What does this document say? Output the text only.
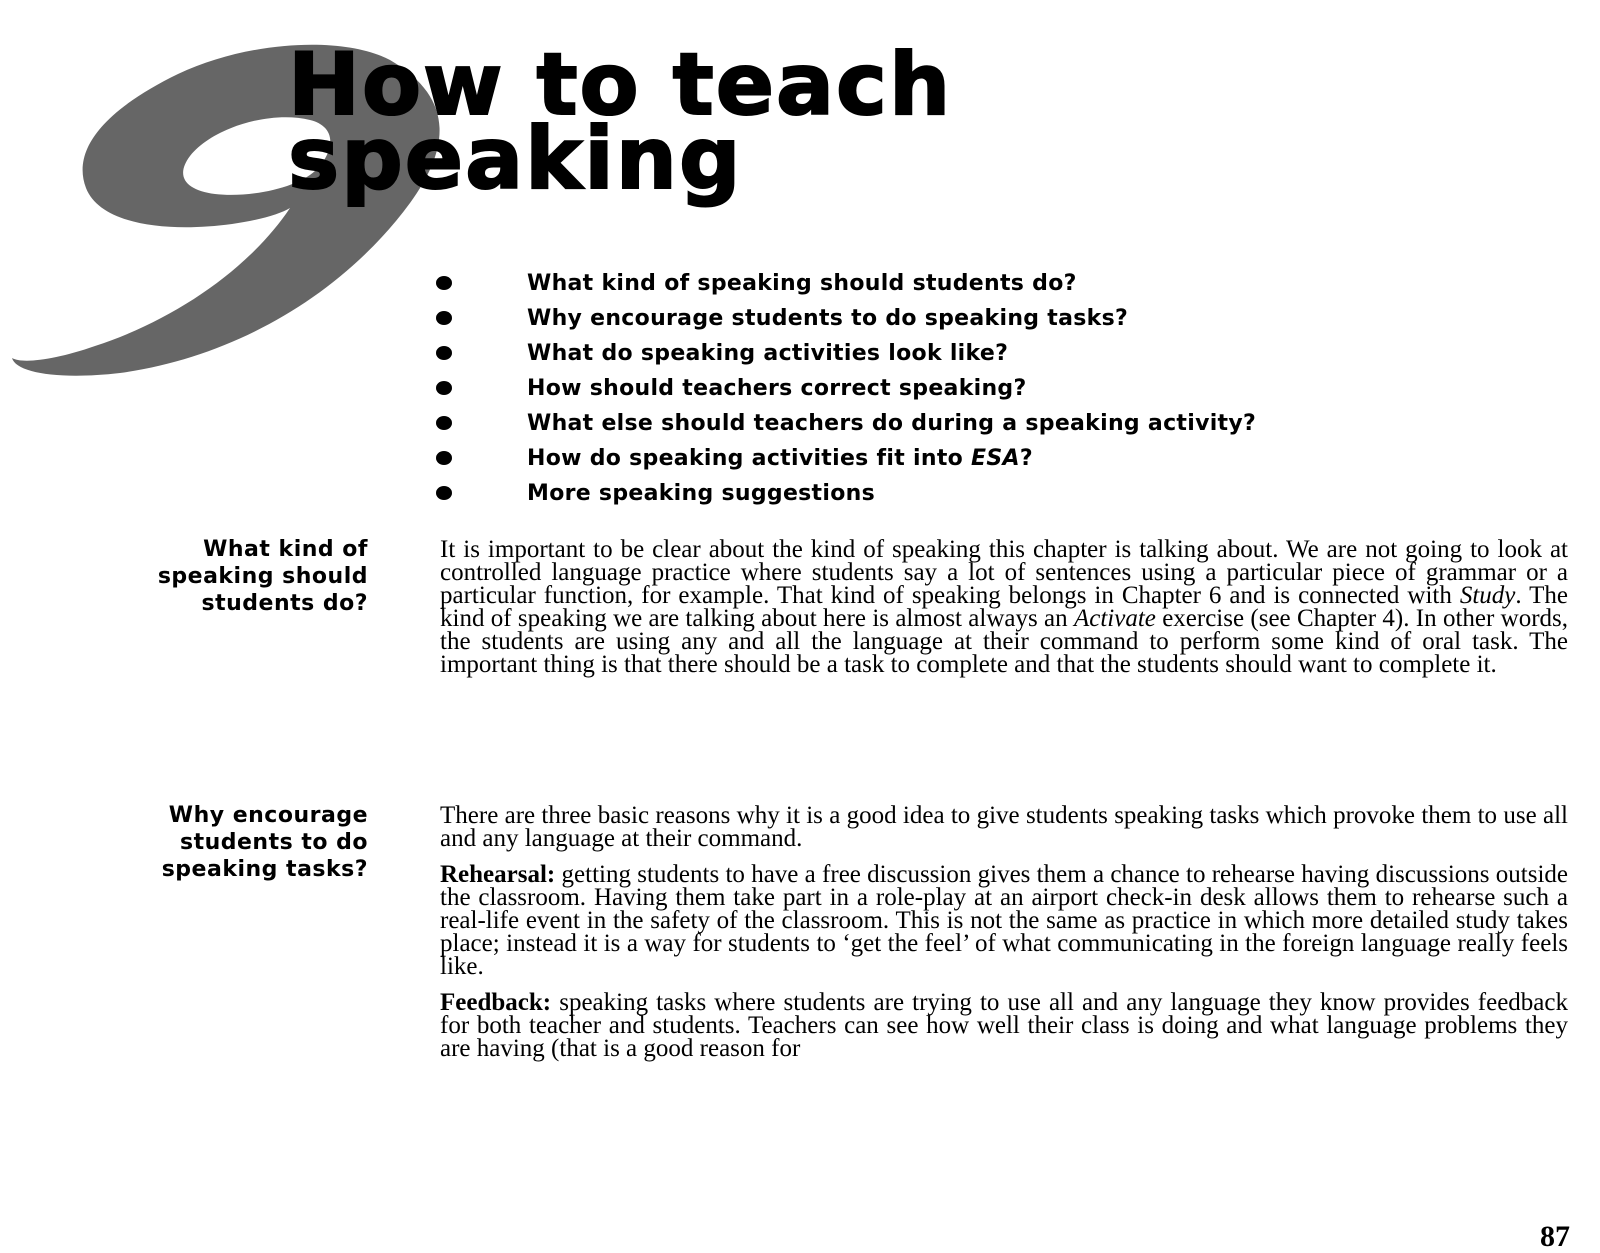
How to teach
speaking
What kind of speaking should students do?
Why encourage students to do speaking tasks?
What do speaking activities look like?
How should teachers correct speaking?
What else should teachers do during a speaking activity?
How do speaking activities fit into ESA?
More speaking suggestions
What kind of
speaking should
students do?

It is important to be clear about the kind of speaking this chapter is talking about. We are not going to look at controlled language practice where students say a lot of sentences using a particular piece of grammar or a particular function, for example. That kind of speaking belongs in Chapter 6 and is connected with Study. The kind of speaking we are talking about here is almost always an Activate exercise (see Chapter 4). In other words, the students are using any and all the language at their command to perform some kind of oral task. The important thing is that there should be a task to complete and that the students should want to complete it.

Why encourage
students to do
speaking tasks?

There are three basic reasons why it is a good idea to give students speaking tasks which provoke them to use all and any language at their command.

Rehearsal: getting students to have a free discussion gives them a chance to rehearse having discussions outside the classroom. Having them take part in a role-play at an airport check-in desk allows them to rehearse such a real-life event in the safety of the classroom. This is not the same as practice in which more detailed study takes place; instead it is a way for students to ‘get the feel’ of what communicating in the foreign language really feels like.

Feedback: speaking tasks where students are trying to use all and any language they know provides feedback for both teacher and students. Teachers can see how well their class is doing and what language problems they are having (that is a good reason for

87
